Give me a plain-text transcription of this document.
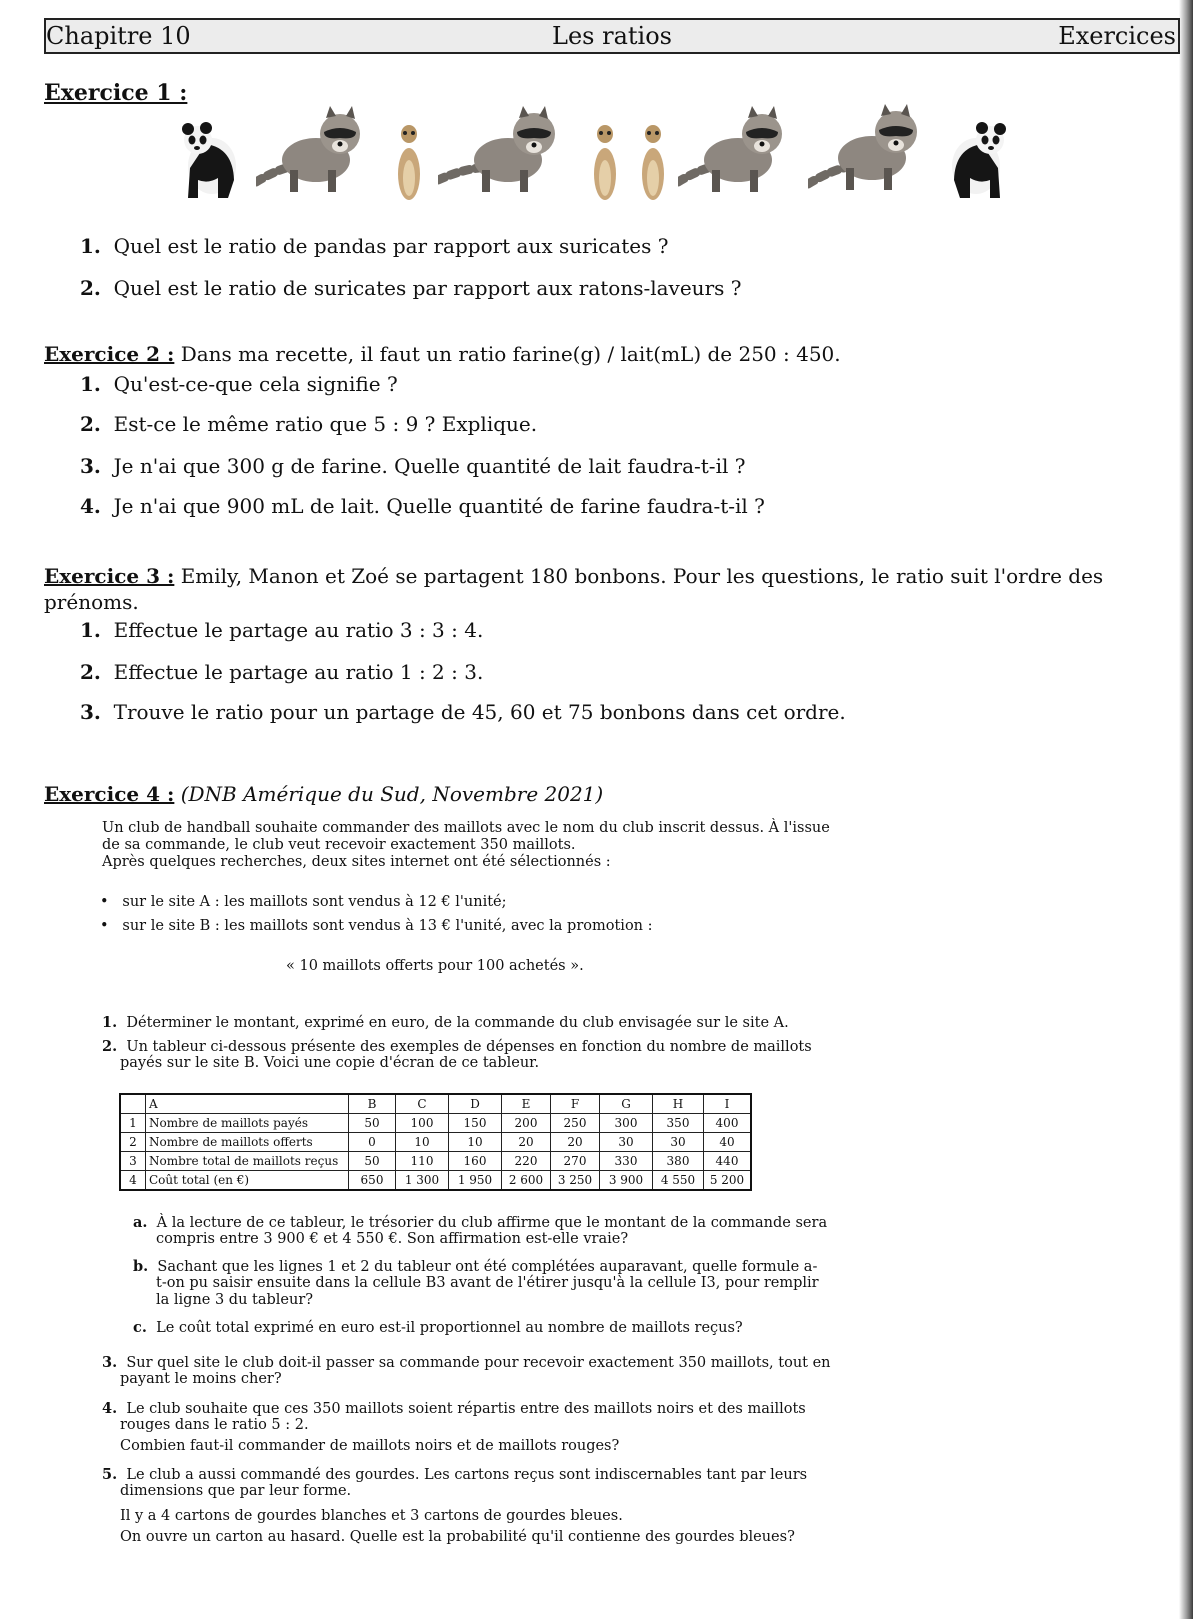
Chapitre 10	Les ratios	Exercices
Exercice 1 :
1. Quel est le ratio de pandas par rapport aux suricates ?
2. Quel est le ratio de suricates par rapport aux ratons-laveurs ?
Exercice 2 : Dans ma recette, il faut un ratio farine(g) / lait(mL) de 250 : 450.
1. Qu'est-ce-que cela signifie ?
2. Est-ce le même ratio que 5 : 9 ? Explique.
3. Je n'ai que 300 g de farine. Quelle quantité de lait faudra-t-il ?
4. Je n'ai que 900 mL de lait. Quelle quantité de farine faudra-t-il ?
Exercice 3 : Emily, Manon et Zoé se partagent 180 bonbons. Pour les questions, le ratio suit l'ordre des
prénoms.
1. Effectue le partage au ratio 3 : 3 : 4.
2. Effectue le partage au ratio 1 : 2 : 3.
3. Trouve le ratio pour un partage de 45, 60 et 75 bonbons dans cet ordre.
Exercice 4 : (DNB Amérique du Sud, Novembre 2021)
Un club de handball souhaite commander des maillots avec le nom du club inscrit dessus. À l'issue
de sa commande, le club veut recevoir exactement 350 maillots.
Après quelques recherches, deux sites internet ont été sélectionnés :
• sur le site A : les maillots sont vendus à 12 € l'unité;
• sur le site B : les maillots sont vendus à 13 € l'unité, avec la promotion :
« 10 maillots offerts pour 100 achetés ».
1. Déterminer le montant, exprimé en euro, de la commande du club envisagée sur le site A.
2. Un tableur ci-dessous présente des exemples de dépenses en fonction du nombre de maillots
payés sur le site B. Voici une copie d'écran de ce tableur.
	A	B	C	D	E	F	G	H	I
1	Nombre de maillots payés	50	100	150	200	250	300	350	400
2	Nombre de maillots offerts	0	10	10	20	20	30	30	40
3	Nombre total de maillots reçus	50	110	160	220	270	330	380	440
4	Coût total (en €)	650	1 300	1 950	2 600	3 250	3 900	4 550	5 200
a. À la lecture de ce tableur, le trésorier du club affirme que le montant de la commande sera
compris entre 3 900 € et 4 550 €. Son affirmation est-elle vraie?
b. Sachant que les lignes 1 et 2 du tableur ont été complétées auparavant, quelle formule a-
t-on pu saisir ensuite dans la cellule B3 avant de l'étirer jusqu'à la cellule I3, pour remplir
la ligne 3 du tableur?
c. Le coût total exprimé en euro est-il proportionnel au nombre de maillots reçus?
3. Sur quel site le club doit-il passer sa commande pour recevoir exactement 350 maillots, tout en
payant le moins cher?
4. Le club souhaite que ces 350 maillots soient répartis entre des maillots noirs et des maillots
rouges dans le ratio 5 : 2.
Combien faut-il commander de maillots noirs et de maillots rouges?
5. Le club a aussi commandé des gourdes. Les cartons reçus sont indiscernables tant par leurs
dimensions que par leur forme.
Il y a 4 cartons de gourdes blanches et 3 cartons de gourdes bleues.
On ouvre un carton au hasard. Quelle est la probabilité qu'il contienne des gourdes bleues?
